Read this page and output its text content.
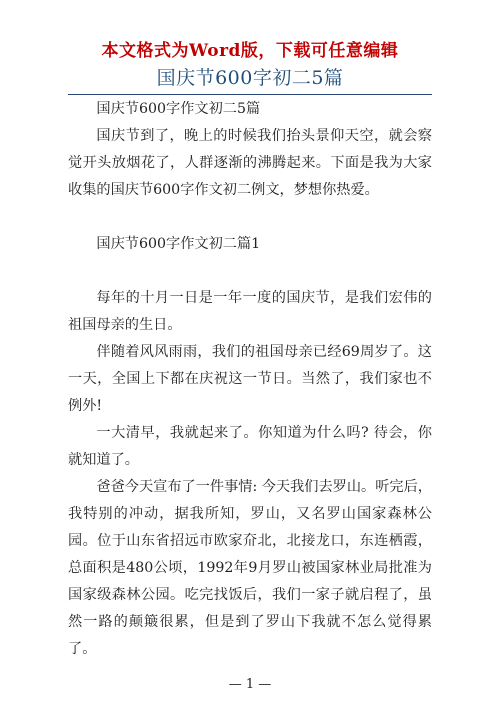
本文格式为Word版，下载可任意编辑
国庆节600字初二5篇

国庆节600字作文初二5篇

国庆节到了，晚上的时候我们抬头景仰天空，就会察觉开头放烟花了，人群逐渐的沸腾起来。下面是我为大家收集的国庆节600字作文初二例文，梦想你热爱。

国庆节600字作文初二篇1

每年的十月一日是一年一度的国庆节，是我们宏伟的祖国母亲的生日。

伴随着风风雨雨，我们的祖国母亲已经69周岁了。这一天，全国上下都在庆祝这一节日。当然了，我们家也不例外!

一大清早，我就起来了。你知道为什么吗? 待会，你就知道了。

爸爸今天宣布了一件事情: 今天我们去罗山。听完后，我特别的冲动，据我所知，罗山，又名罗山国家森林公园。位于山东省招远市欧家夼北，北接龙口，东连栖霞，总面积是480公顷，1992年9月罗山被国家林业局批准为国家级森林公园。吃完找饭后，我们一家子就启程了，虽然一路的颠簸很累，但是到了罗山下我就不怎么觉得累了。

— 1 —
